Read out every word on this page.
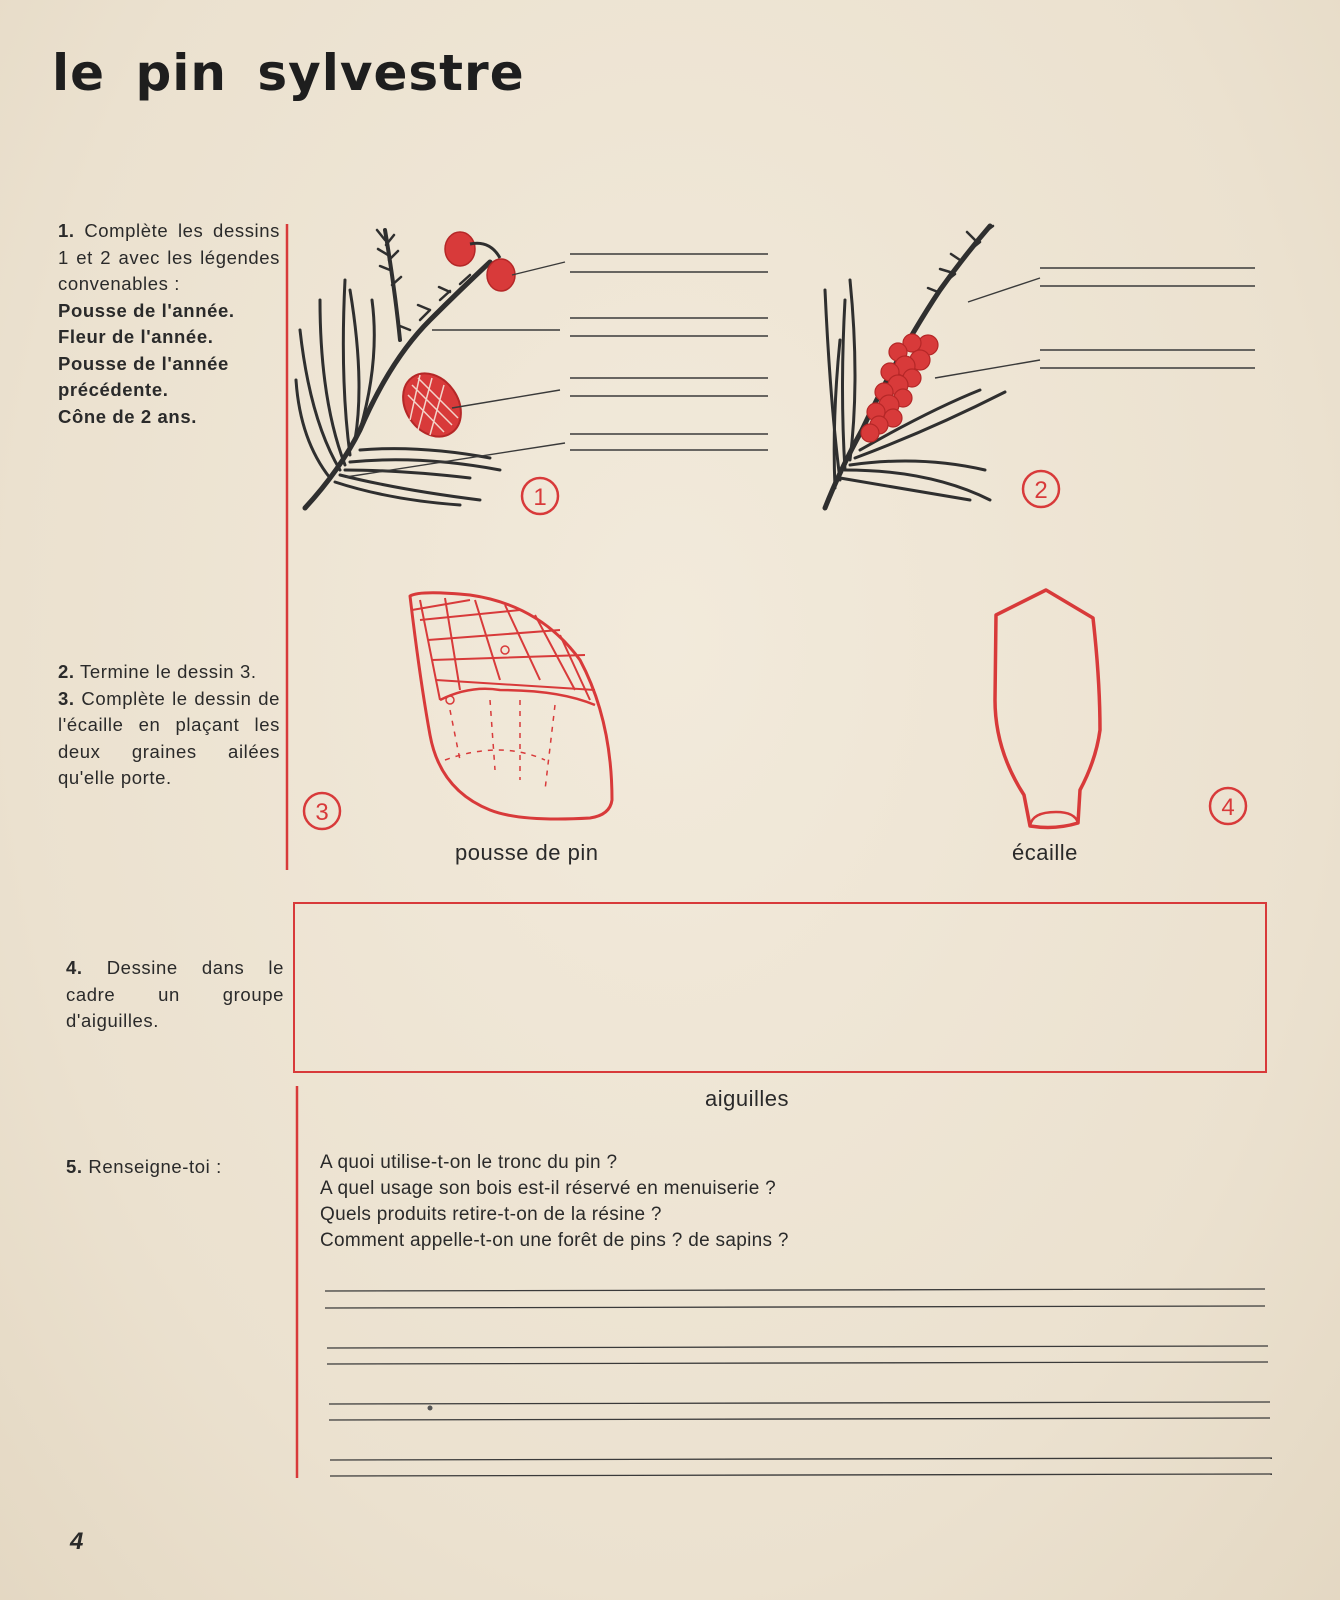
le pin sylvestre
1. Complète les dessins 1 et 2 avec les légendes convenables :
Pousse de l'année.
Fleur de l'année.
Pousse de l'année précédente.
Cône de 2 ans.
2. Termine le dessin 3.
3. Complète le dessin de l'écaille en plaçant les deux graines ailées qu'elle porte.
4. Dessine dans le cadre un groupe d'aiguilles.
5. Renseigne-toi :	A quoi utilise-t-on le tronc du pin ?
A quel usage son bois est-il réservé en menuiserie ?
Quels produits retire-t-on de la résine ?
Comment appelle-t-on une forêt de pins ? de sapins ?
pousse de pin	écaille
aiguilles
4
1	2
3	4
